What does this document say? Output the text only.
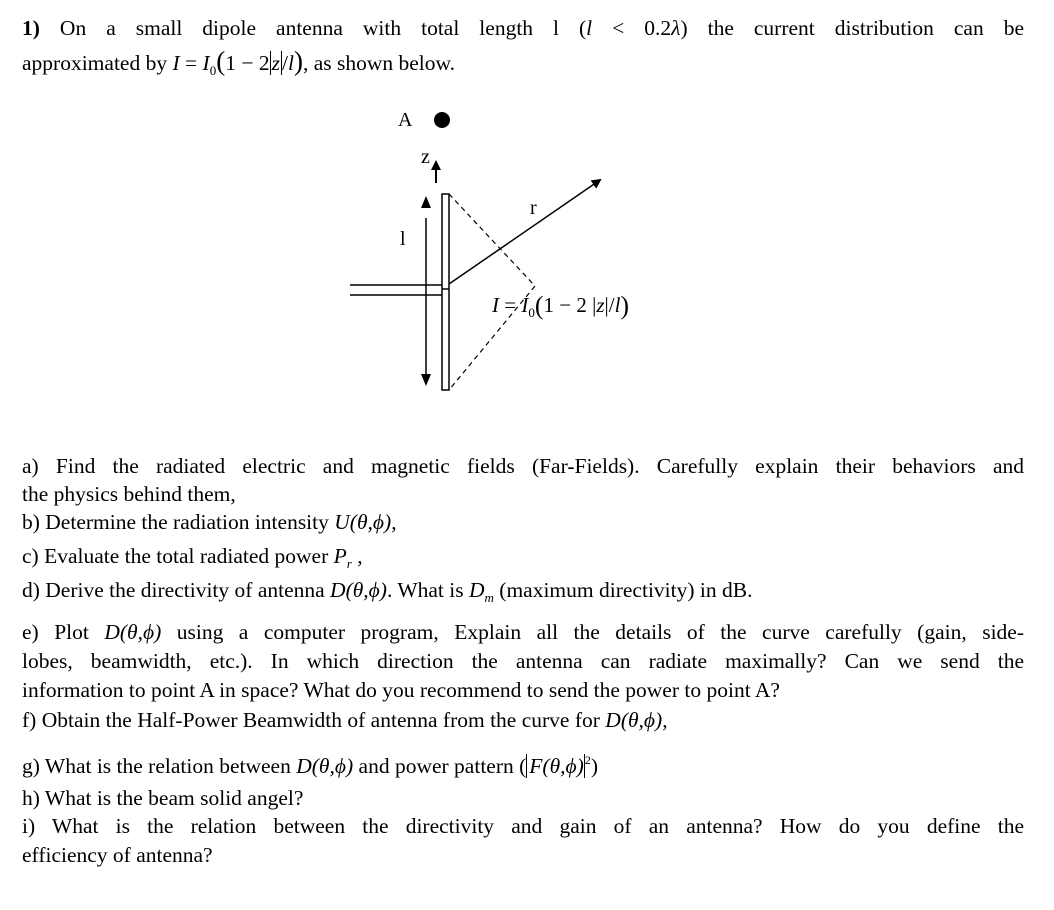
1) On a small dipole antenna with total length l (l < 0.2λ) the current distribution can be
approximated by $I = I_0(1 - 2z/l)$, as shown below.
A
z
l
r
$I = I_0(1 - 2$ |z|/l)
a) Find the radiated electric and magnetic fields (Far-Fields). Carefully explain their behaviors and
the physics behind them,
b) Determine the radiation intensity U(θ,ϕ),
c) Evaluate the total radiated power $P_r$ ,
d) Derive the directivity of antenna D(θ,ϕ). What is $D_m$ (maximum directivity) in dB.
e) Plot D(θ,ϕ) using a computer program, Explain all the details of the curve carefully (gain, side-
lobes, beamwidth, etc.). In which direction the antenna can radiate maximally? Can we send the
information to point A in space? What do you recommend to send the power to point A?
f) Obtain the Half-Power Beamwidth of antenna from the curve for D(θ,ϕ),
g) What is the relation between D(θ,ϕ) and power pattern ( $F(\theta,\phi)^2$)
h) What is the beam solid angel?
i) What is the relation between the directivity and gain of an antenna? How do you define the
efficiency of antenna?
